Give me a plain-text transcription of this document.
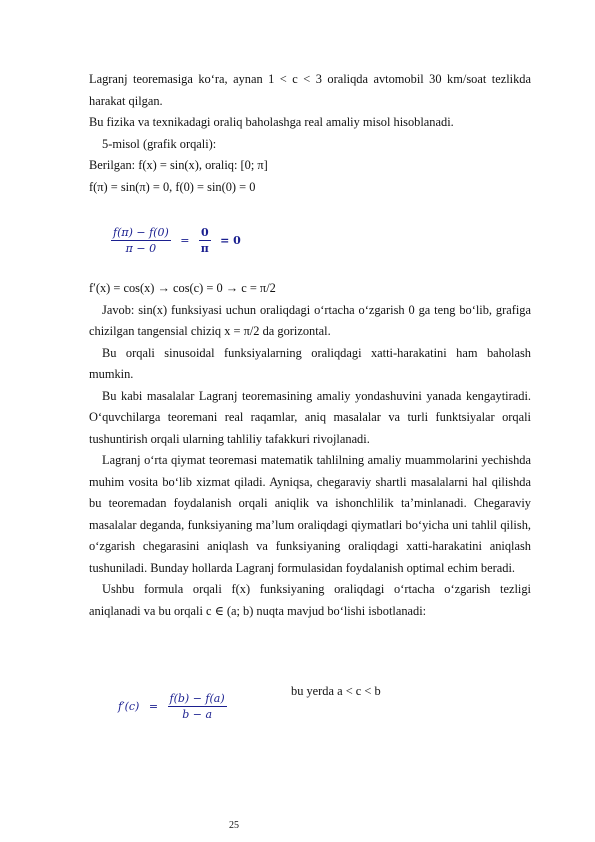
Lagranj teoremasiga ko‘ra, aynan 1 < c < 3 oraliqda avtomobil 30 km/soat tezlikda harakat qilgan.

Bu fizika va texnikadagi oraliq baholashga real amaliy misol hisoblanadi.

5-misol (grafik orqali):

Berilgan: f(x) = sin(x), oraliq: [0; π]

f(π) = sin(π) = 0, f(0) = sin(0) = 0

$\frac{f(\pi) - f(0)}{\pi - 0} = \frac{0}{\pi} = 0$

f′(x) = cos(x) → cos(c) = 0 → c = π/2

Javob: sin(x) funksiyasi uchun oraliqdagi o‘rtacha o‘zgarish 0 ga teng bo‘lib, grafiga chizilgan tangensial chiziq x = π/2 da gorizontal.

Bu orqali sinusoidal funksiyalarning oraliqdagi xatti-harakatini ham baholash mumkin.

Bu kabi masalalar Lagranj teoremasining amaliy yondashuvini yanada kengaytiradi. O‘quvchilarga teoremani real raqamlar, aniq masalalar va turli funktsiyalar orqali tushuntirish orqali ularning tahliliy tafakkuri rivojlanadi.

Lagranj o‘rta qiymat teoremasi matematik tahlilning amaliy muammolarini yechishda muhim vosita bo‘lib xizmat qiladi. Ayniqsa, chegaraviy shartli masalalarni hal qilishda bu teoremadan foydalanish orqali aniqlik va ishonchlilik ta’minlanadi. Chegaraviy masalalar deganda, funksiyaning ma’lum oraliqdagi qiymatlari bo‘yicha uni tahlil qilish, o‘zgarish chegarasini aniqlash va funksiyaning oraliqdagi xatti-harakatini aniqlash tushuniladi. Bunday hollarda Lagranj formulasidan foydalanish optimal echim beradi.

Ushbu formula orqali f(x) funksiyaning oraliqdagi o‘rtacha o‘zgarish tezligi aniqlanadi va bu orqali c ∈ (a; b) nuqta mavjud bo‘lishi isbotlanadi:

$f'(c) = \frac{f(b) - f(a)}{b - a}$
bu yerda a < c < b
25
